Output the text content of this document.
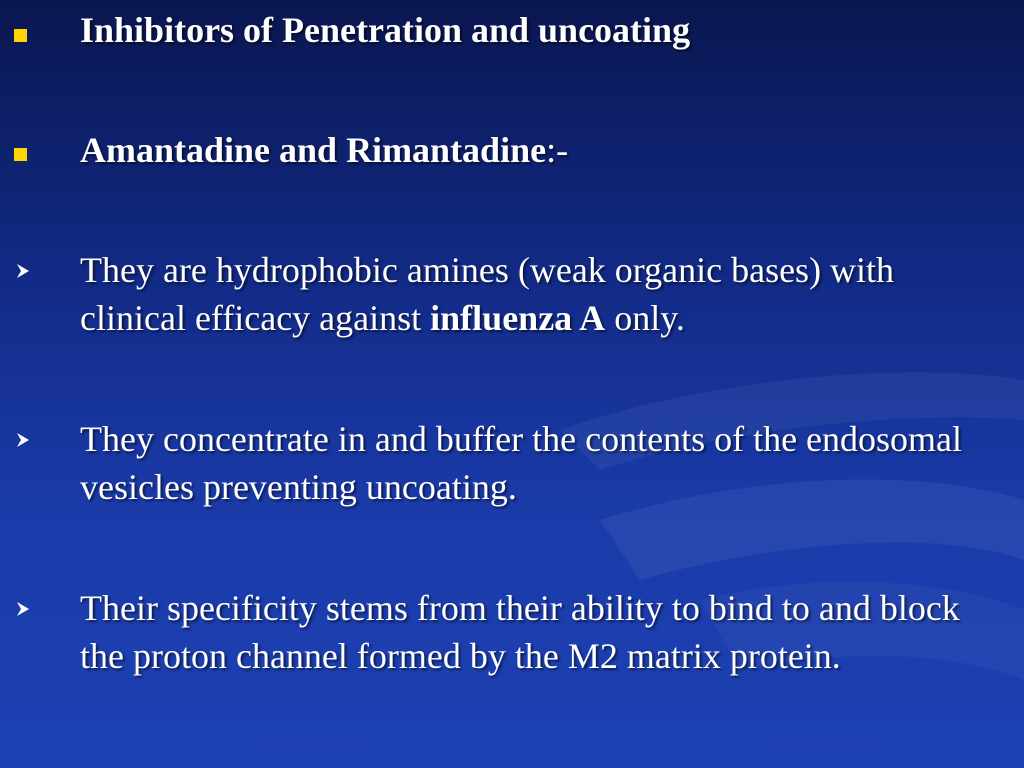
Inhibitors of Penetration and uncoating
Amantadine and Rimantadine:-
They are hydrophobic amines (weak organic bases) with clinical efficacy against influenza A only.
They concentrate in and buffer the contents of the endosomal vesicles preventing uncoating.
Their specificity stems from their ability to bind to and block the proton channel formed by the M2 matrix protein.
